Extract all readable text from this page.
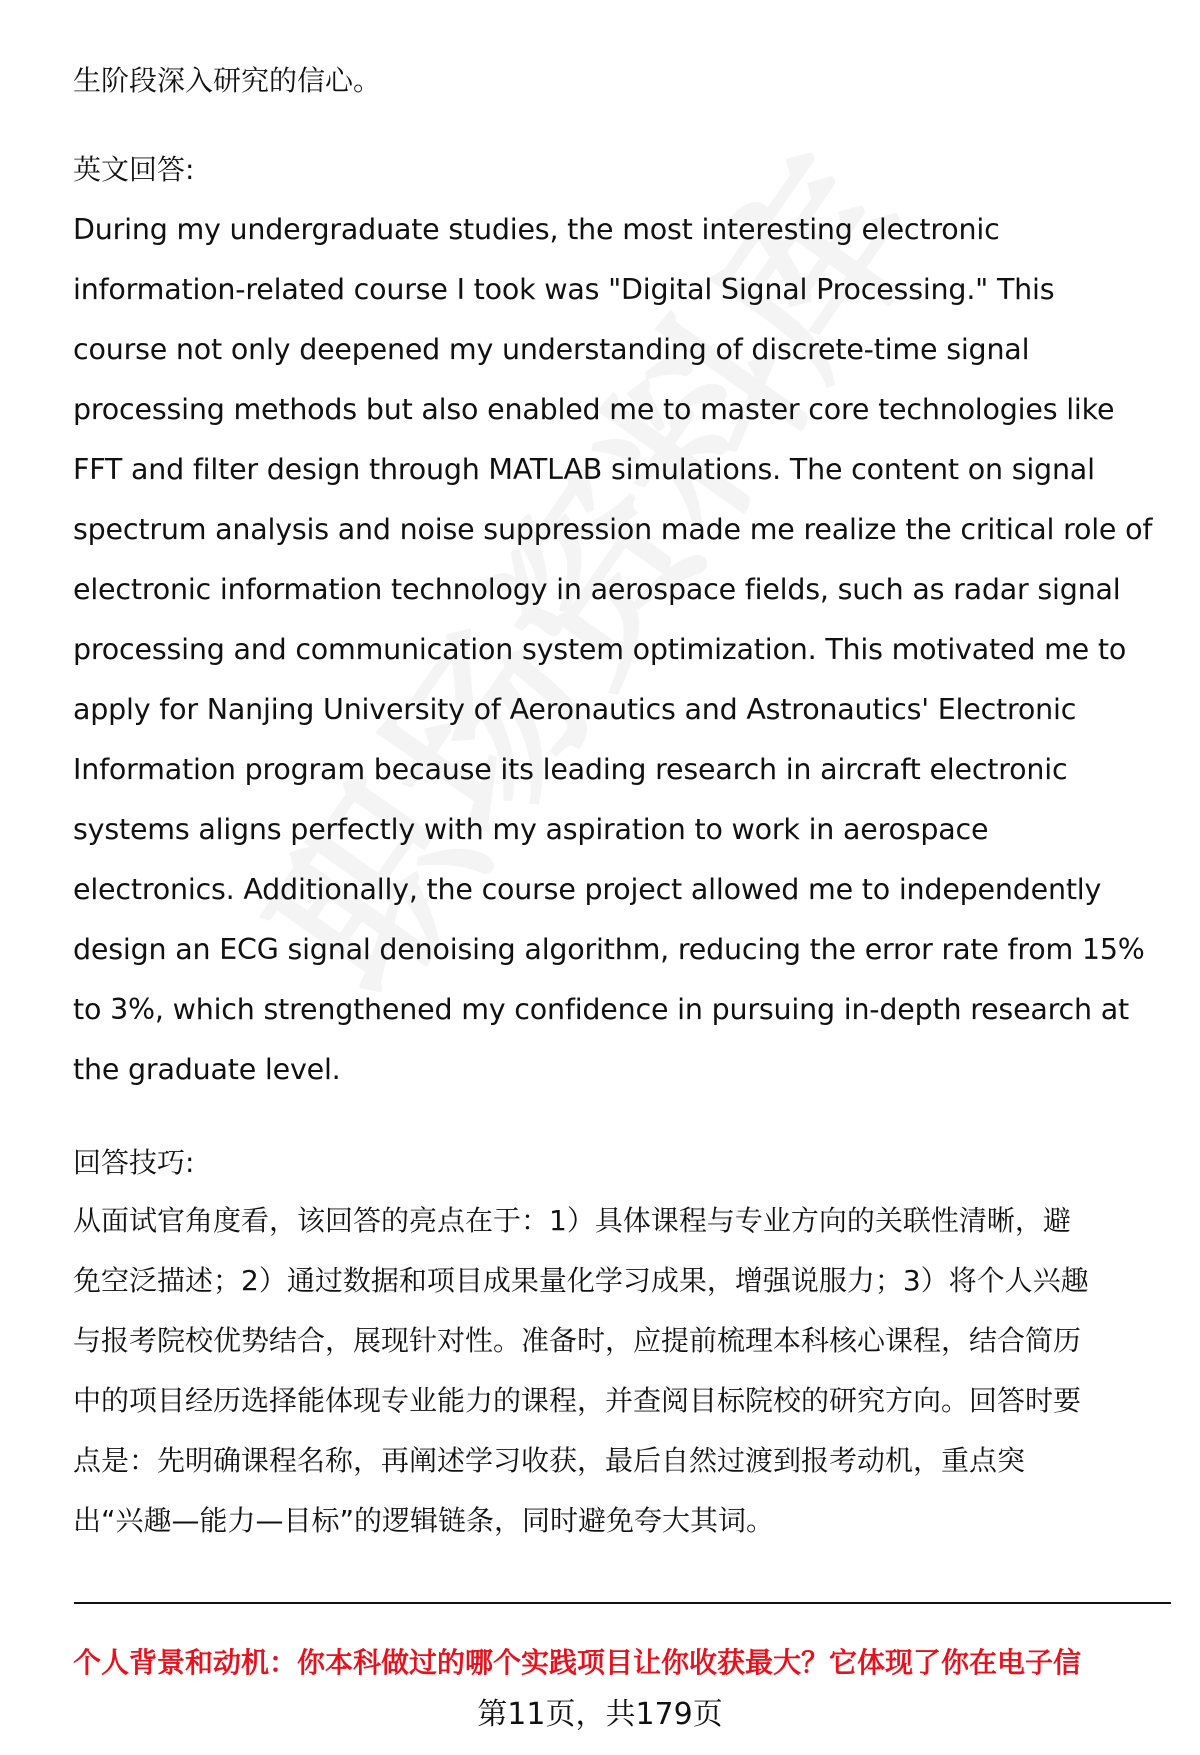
生阶段深入研究的信心。
英文回答:
During my undergraduate studies, the most interesting electronic
information-related course I took was "Digital Signal Processing." This
course not only deepened my understanding of discrete-time signal
processing methods but also enabled me to master core technologies like
FFT and filter design through MATLAB simulations. The content on signal
spectrum analysis and noise suppression made me realize the critical role of
electronic information technology in aerospace fields, such as radar signal
processing and communication system optimization. This motivated me to
apply for Nanjing University of Aeronautics and Astronautics' Electronic
Information program because its leading research in aircraft electronic
systems aligns perfectly with my aspiration to work in aerospace
electronics. Additionally, the course project allowed me to independently
design an ECG signal denoising algorithm, reducing the error rate from 15%
to 3%, which strengthened my confidence in pursuing in-depth research at
the graduate level.
回答技巧:
从面试官角度看，该回答的亮点在于：1）具体课程与专业方向的关联性清晰，避
免空泛描述；2）通过数据和项目成果量化学习成果，增强说服力；3）将个人兴趣
与报考院校优势结合，展现针对性。准备时，应提前梳理本科核心课程，结合简历
中的项目经历选择能体现专业能力的课程，并查阅目标院校的研究方向。回答时要
点是：先明确课程名称，再阐述学习收获，最后自然过渡到报考动机，重点突
出“兴趣—能力—目标”的逻辑链条，同时避免夸大其词。
个人背景和动机：你本科做过的哪个实践项目让你收获最大？它体现了你在电子信
第11页，共179页
